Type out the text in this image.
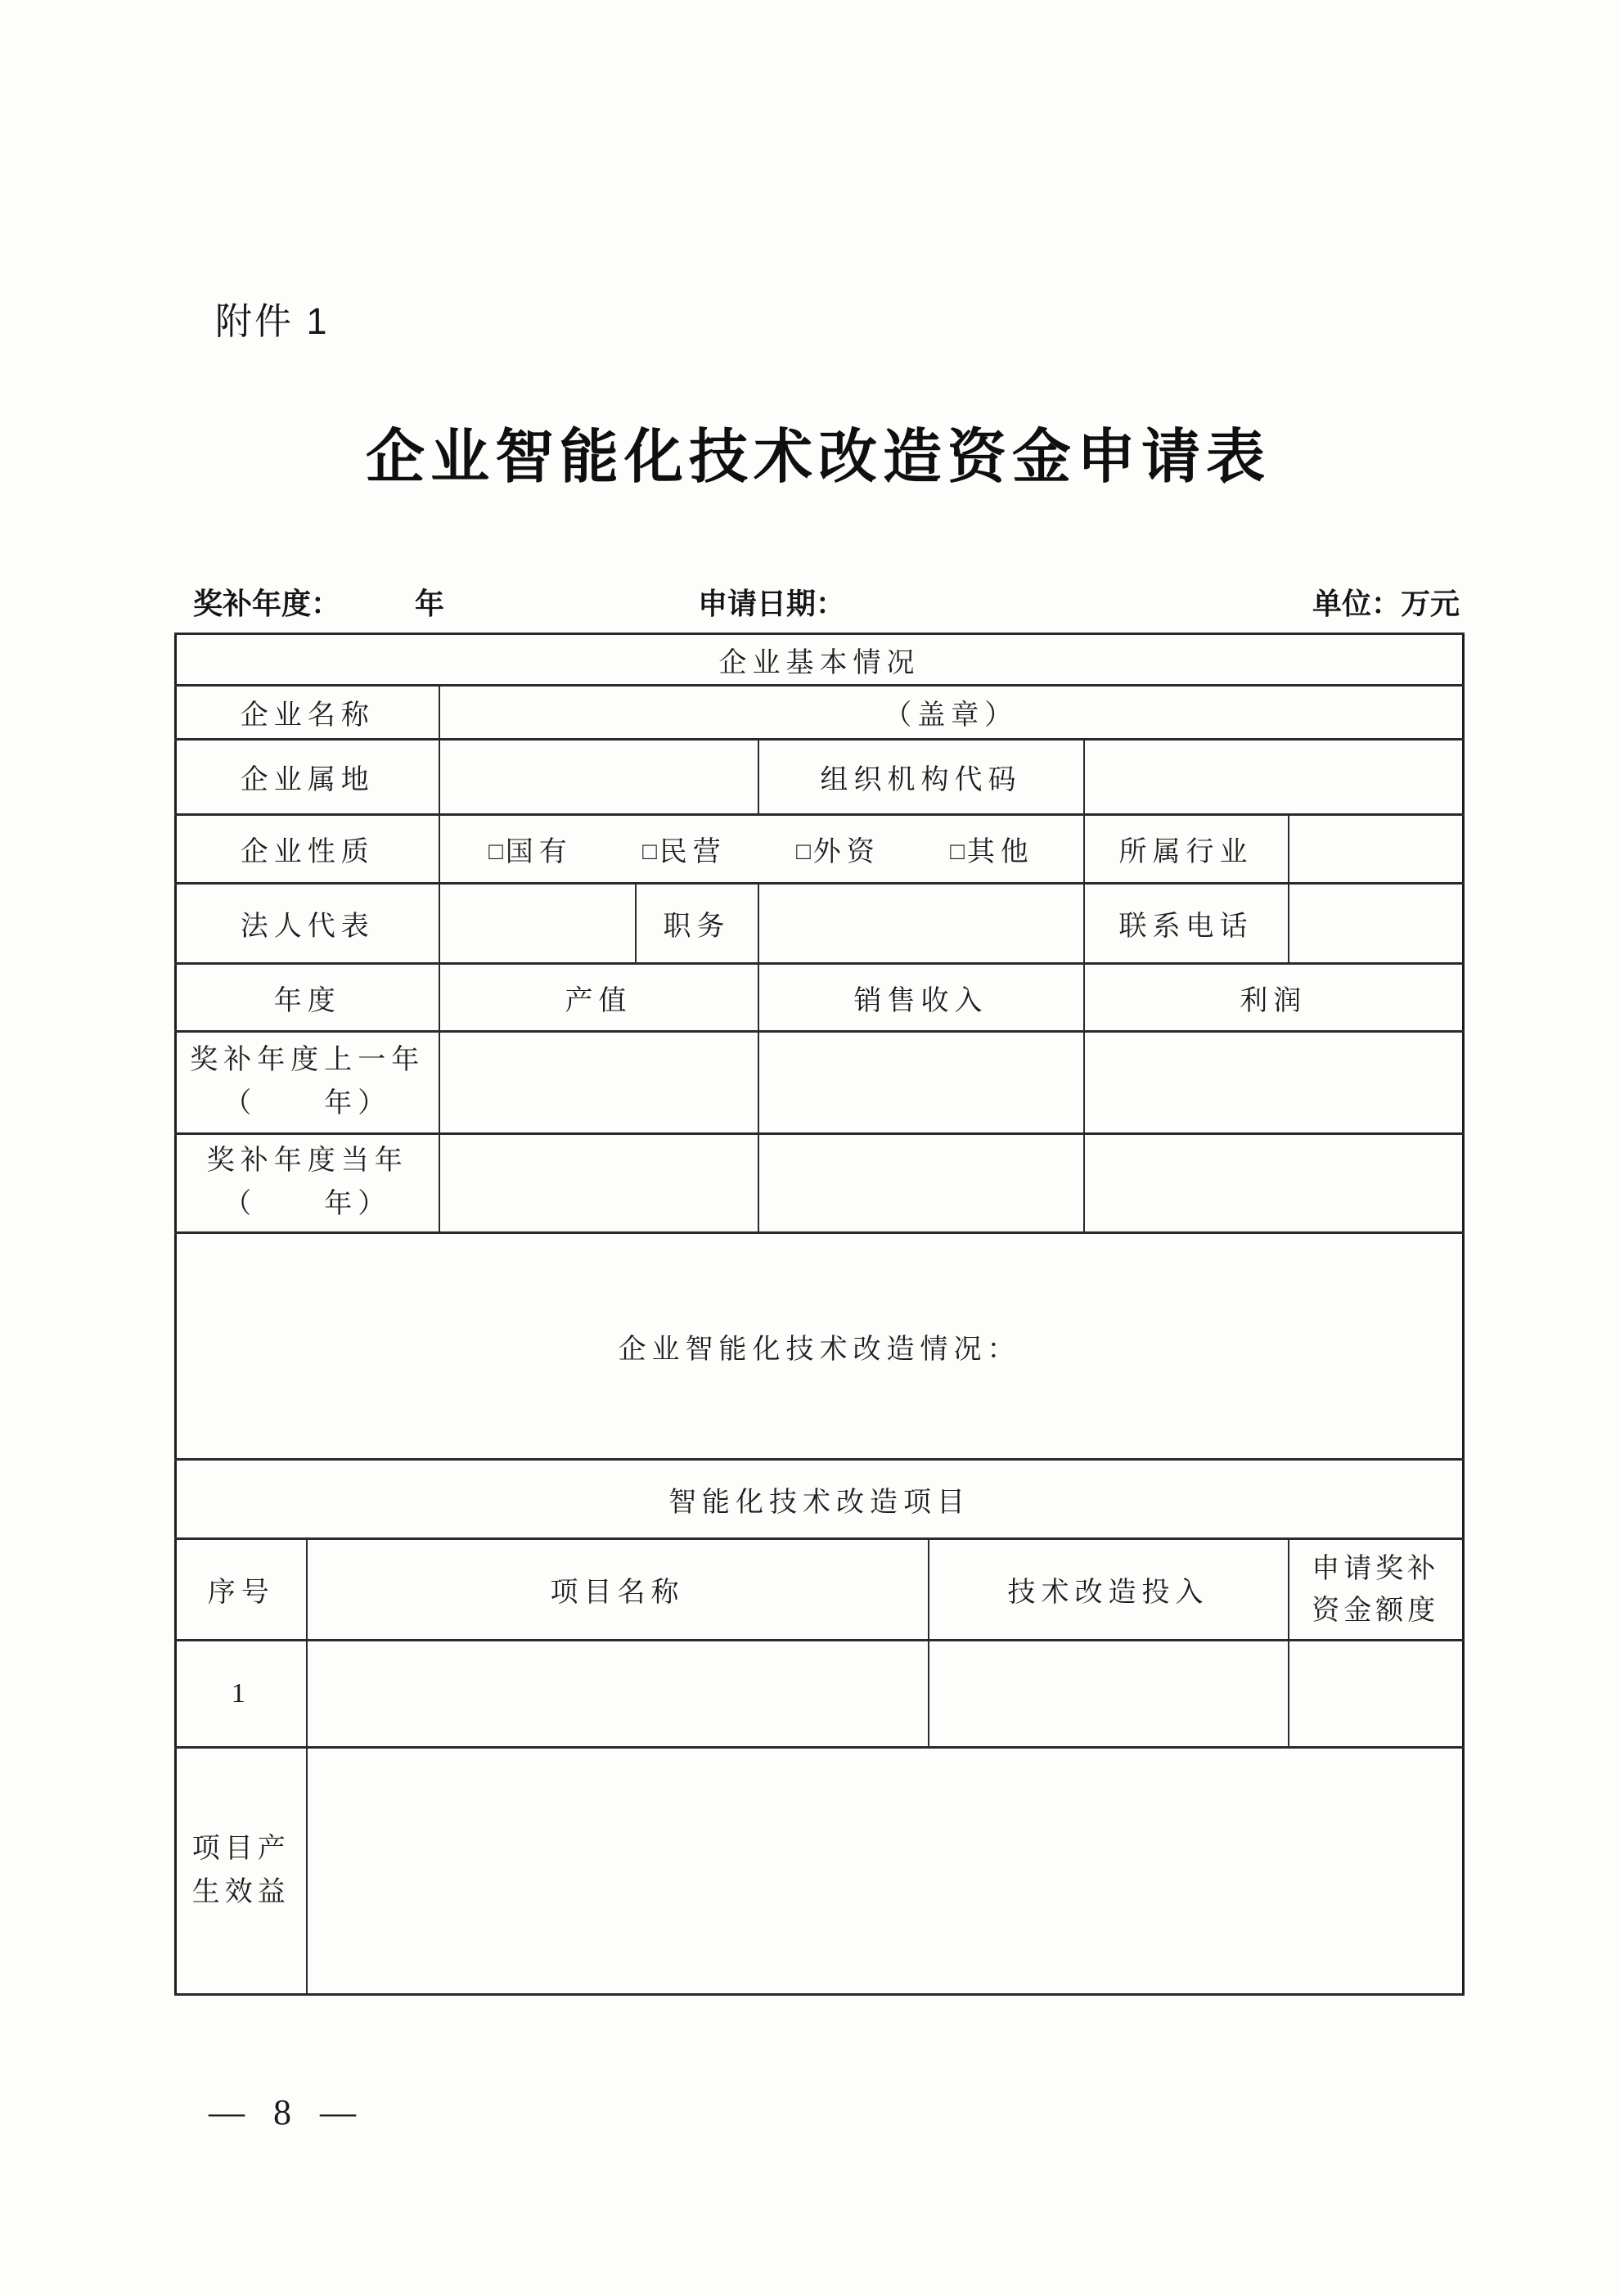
附件 1
企业智能化技术改造资金申请表
奖补年度：	年	申请日期：	单位：万元
企业基本情况							
企业名称		（盖章）					
企业属地				组织机构代码			
企业性质		□国有 □民营 □外资 □其他				所属行业	
法人代表			职务			联系电话	
年度		产值		销售收入		利润	

奖补年度上一年
（　　年）							

奖补年度当年
（　　年）							

企业智能化技术改造情况：							
智能化技术改造项目							
序号	项目名称				技术改造投入		申请奖补
资金额度

1							

项目产
生效益							

— 8 —
